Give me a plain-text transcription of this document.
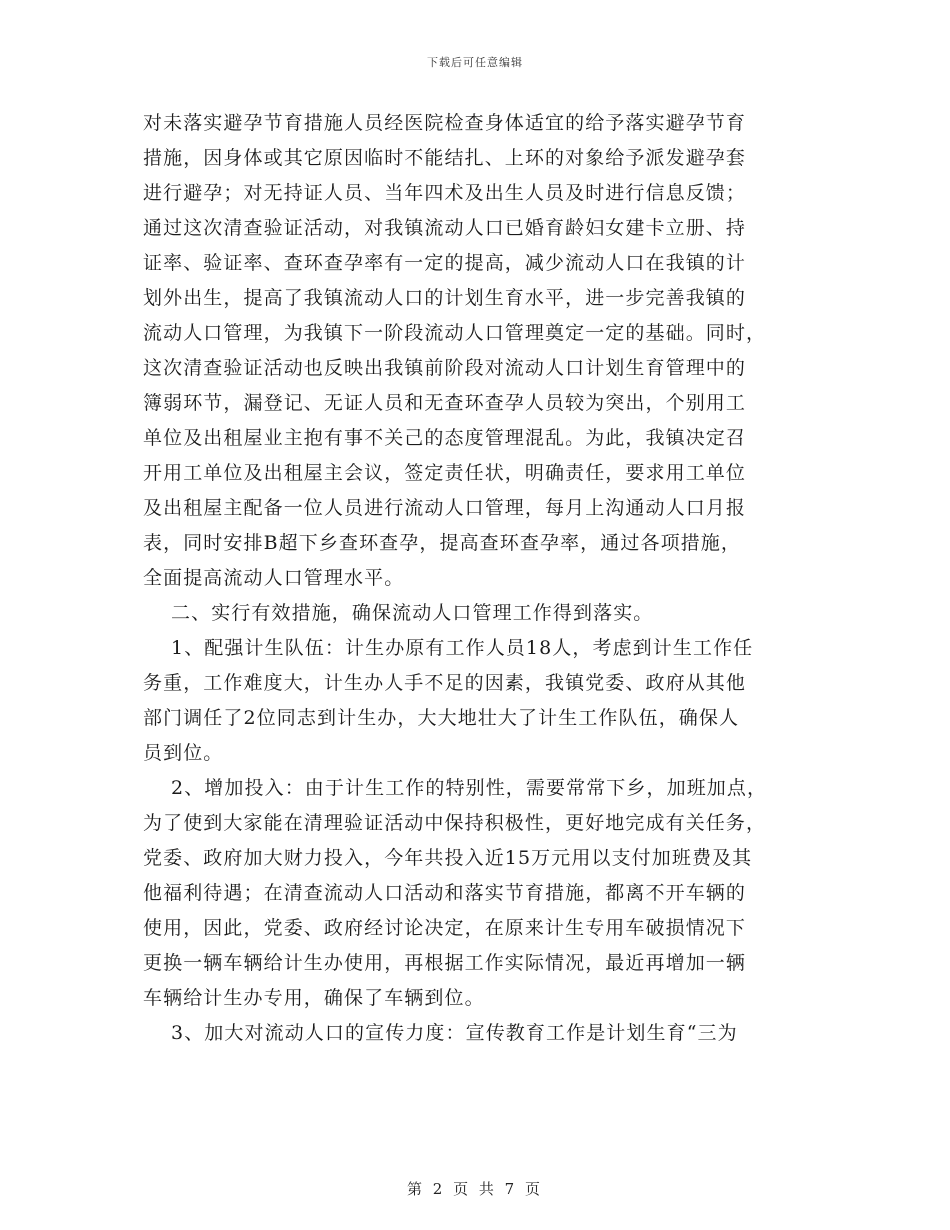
下载后可任意编辑
对未落实避孕节育措施人员经医院检查身体适宜的给予落实避孕节育
措施，因身体或其它原因临时不能结扎、上环的对象给予派发避孕套
进行避孕；对无持证人员、当年四术及出生人员及时进行信息反馈；
通过这次清查验证活动，对我镇流动人口已婚育龄妇女建卡立册、持
证率、验证率、查环查孕率有一定的提高，减少流动人口在我镇的计
划外出生，提高了我镇流动人口的计划生育水平，进一步完善我镇的
流动人口管理，为我镇下一阶段流动人口管理奠定一定的基础。同时，
这次清查验证活动也反映出我镇前阶段对流动人口计划生育管理中的
簿弱环节，漏登记、无证人员和无查环查孕人员较为突出，个别用工
单位及出租屋业主抱有事不关己的态度管理混乱。为此，我镇决定召
开用工单位及出租屋主会议，签定责任状，明确责任，要求用工单位
及出租屋主配备一位人员进行流动人口管理，每月上沟通动人口月报
表，同时安排B超下乡查环查孕，提高查环查孕率，通过各项措施，
全面提高流动人口管理水平。
二、实行有效措施，确保流动人口管理工作得到落实。
1、配强计生队伍：计生办原有工作人员18人，考虑到计生工作任
务重，工作难度大，计生办人手不足的因素，我镇党委、政府从其他
部门调任了2位同志到计生办，大大地壮大了计生工作队伍，确保人
员到位。
2、增加投入：由于计生工作的特别性，需要常常下乡，加班加点，
为了使到大家能在清理验证活动中保持积极性，更好地完成有关任务，
党委、政府加大财力投入，今年共投入近15万元用以支付加班费及其
他福利待遇；在清查流动人口活动和落实节育措施，都离不开车辆的
使用，因此，党委、政府经讨论决定，在原来计生专用车破损情况下
更换一辆车辆给计生办使用，再根据工作实际情况，最近再增加一辆
车辆给计生办专用，确保了车辆到位。
3、加大对流动人口的宣传力度：宣传教育工作是计划生育“三为
第 2 页 共 7 页
